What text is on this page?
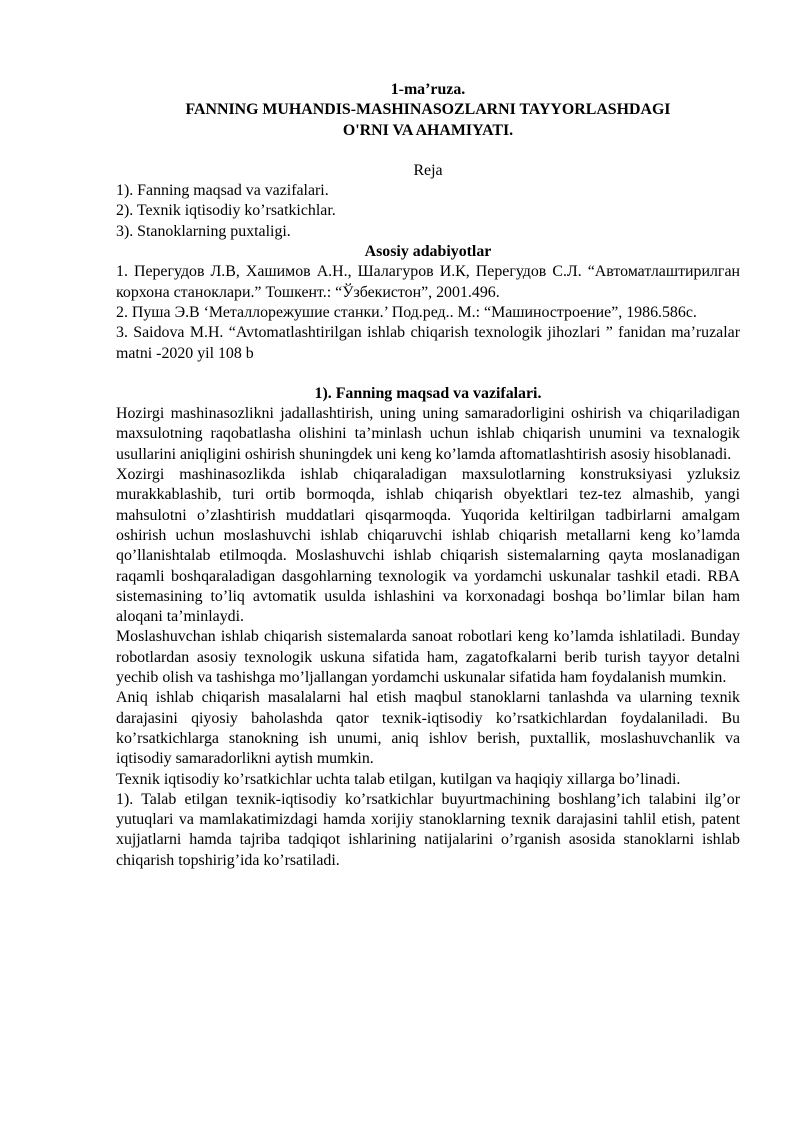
1-ma’ruza.

FANNING MUHANDIS-MASHINASOZLARNI TAYYORLASHDAGI

O'RNI VA AHAMIYATI.

Reja

1). Fanning maqsad va vazifalari.

2). Texnik iqtisodiy ko’rsatkichlar.

3). Stanoklarning puxtaligi.

Asosiy adabiyotlar

1. Перегудов Л.В, Хашимов А.Н., Шалагуров И.К, Перегудов С.Л. “Автоматлаштирилган корхона станоклари.” Тошкент.: “Ўзбекистон”, 2001.496.

2. Пуша Э.В ‘Металлорежушие станки.’ Под.ред.. М.: “Машиностроение”, 1986.586с.

3. Saidova M.H. “Avtomatlashtirilgan ishlab chiqarish texnologik jihozlari ” fanidan ma’ruzalar matni -2020 yil 108 b

1). Fanning maqsad va vazifalari.

Hozirgi mashinasozlikni jadallashtirish, uning uning samaradorligini oshirish va chiqariladigan maxsulotning raqobatlasha olishini ta’minlash uchun ishlab chiqarish unumini va texnalogik usullarini aniqligini oshirish shuningdek uni keng ko’lamda aftomatlashtirish asosiy hisoblanadi.

Xozirgi mashinasozlikda ishlab chiqaraladigan maxsulotlarning konstruksiyasi yzluksiz murakkablashib, turi ortib bormoqda, ishlab chiqarish obyektlari tez-tez almashib, yangi mahsulotni o’zlashtirish muddatlari qisqarmoqda. Yuqorida keltirilgan tadbirlarni amalgam oshirish uchun moslashuvchi ishlab chiqaruvchi ishlab chiqarish metallarni keng ko’lamda qo’llanishtalab etilmoqda. Moslashuvchi ishlab chiqarish sistemalarning qayta moslanadigan raqamli boshqaraladigan dasgohlarning texnologik va yordamchi uskunalar tashkil etadi. RBA sistemasining to’liq avtomatik usulda ishlashini va korxonadagi boshqa bo’limlar bilan ham aloqani ta’minlaydi.

Moslashuvchan ishlab chiqarish sistemalarda sanoat robotlari keng ko’lamda ishlatiladi. Bunday robotlardan asosiy texnologik uskuna sifatida ham, zagatofkalarni berib turish tayyor detalni yechib olish va tashishga mo’ljallangan yordamchi uskunalar sifatida ham foydalanish mumkin.

Aniq ishlab chiqarish masalalarni hal etish maqbul stanoklarni tanlashda va ularning texnik darajasini qiyosiy baholashda qator texnik-iqtisodiy ko’rsatkichlardan foydalaniladi. Bu ko’rsatkichlarga stanokning ish unumi, aniq ishlov berish, puxtallik, moslashuvchanlik va iqtisodiy samaradorlikni aytish mumkin.

Texnik iqtisodiy ko’rsatkichlar uchta talab etilgan, kutilgan va haqiqiy xillarga bo’linadi.

1). Talab etilgan texnik-iqtisodiy ko’rsatkichlar buyurtmachining boshlang’ich talabini ilg’or yutuqlari va mamlakatimizdagi hamda xorijiy stanoklarning texnik darajasini tahlil etish, patent xujjatlarni hamda tajriba tadqiqot ishlarining natijalarini o’rganish asosida stanoklarni ishlab chiqarish topshirig’ida ko’rsatiladi.
